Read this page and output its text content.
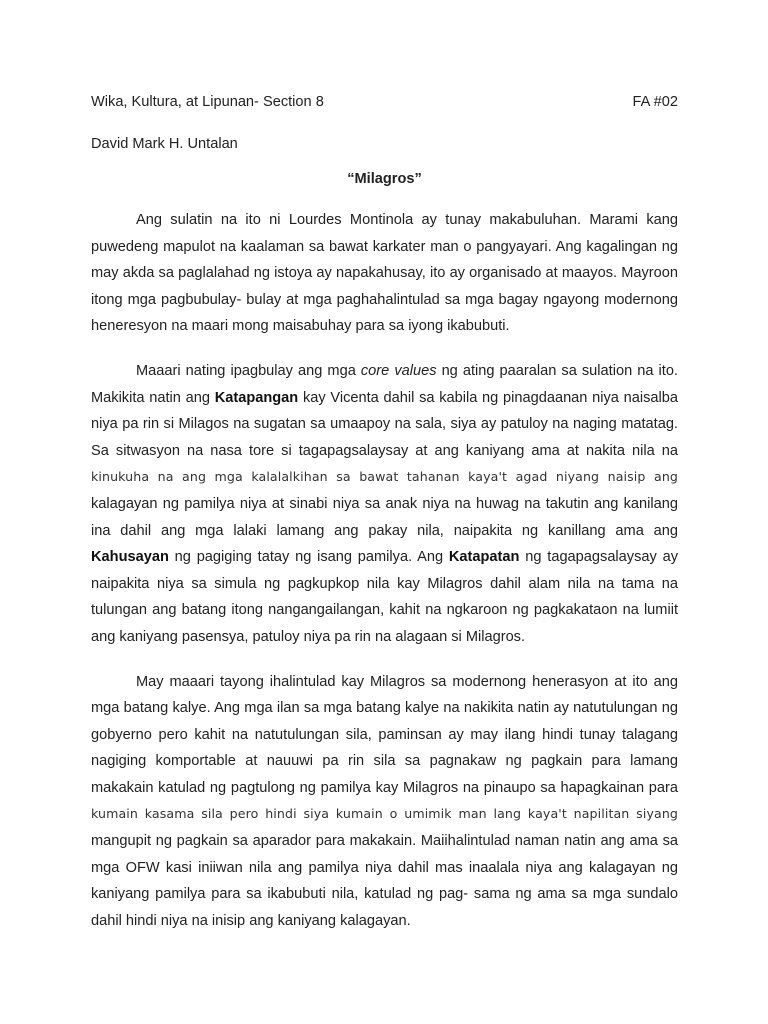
Wika, Kultura, at Lipunan- Section 8	FA #02
David Mark H. Untalan
“Milagros”

Ang sulatin na ito ni Lourdes Montinola ay tunay makabuluhan. Marami kang puwedeng mapulot na kaalaman sa bawat karkater man o pangyayari. Ang kagalingan ng may akda sa paglalahad ng istoya ay napakahusay, ito ay organisado at maayos. Mayroon itong mga pagbubulay- bulay at mga paghahalintulad sa mga bagay ngayong modernong heneresyon na maari mong maisabuhay para sa iyong ikabubuti.

Maaari nating ipagbulay ang mga core values ng ating paaralan sa sulation na ito. Makikita natin ang Katapangan kay Vicenta dahil sa kabila ng pinagdaanan niya naisalba niya pa rin si Milagos na sugatan sa umaapoy na sala, siya ay patuloy na naging matatag. Sa sitwasyon na nasa tore si tagapagsalaysay at ang kaniyang ama at nakita nila na kinukuha na ang mga kalalalkihan sa bawat tahanan kaya't agad niyang naisip ang kalagayan ng pamilya niya at sinabi niya sa anak niya na huwag na takutin ang kanilang ina dahil ang mga lalaki lamang ang pakay nila, naipakita ng kanillang ama ang Kahusayan ng pagiging tatay ng isang pamilya. Ang Katapatan ng tagapagsalaysay ay naipakita niya sa simula ng pagkupkop nila kay Milagros dahil alam nila na tama na tulungan ang batang itong nangangailangan, kahit na ngkaroon ng pagkakataon na lumiit ang kaniyang pasensya, patuloy niya pa rin na alagaan si Milagros.

May maaari tayong ihalintulad kay Milagros sa modernong henerasyon at ito ang mga batang kalye. Ang mga ilan sa mga batang kalye na nakikita natin ay natutulungan ng gobyerno pero kahit na natutulungan sila, paminsan ay may ilang hindi tunay talagang nagiging komportable at nauuwi pa rin sila sa pagnakaw ng pagkain para lamang makakain katulad ng pagtulong ng pamilya kay Milagros na pinaupo sa hapagkainan para kumain kasama sila pero hindi siya kumain o umimik man lang kaya't napilitan siyang mangupit ng pagkain sa aparador para makakain. Maiihalintulad naman natin ang ama sa mga OFW kasi iniiwan nila ang pamilya niya dahil mas inaalala niya ang kalagayan ng kaniyang pamilya para sa ikabubuti nila, katulad ng pag- sama ng ama sa mga sundalo dahil hindi niya na inisip ang kaniyang kalagayan.
